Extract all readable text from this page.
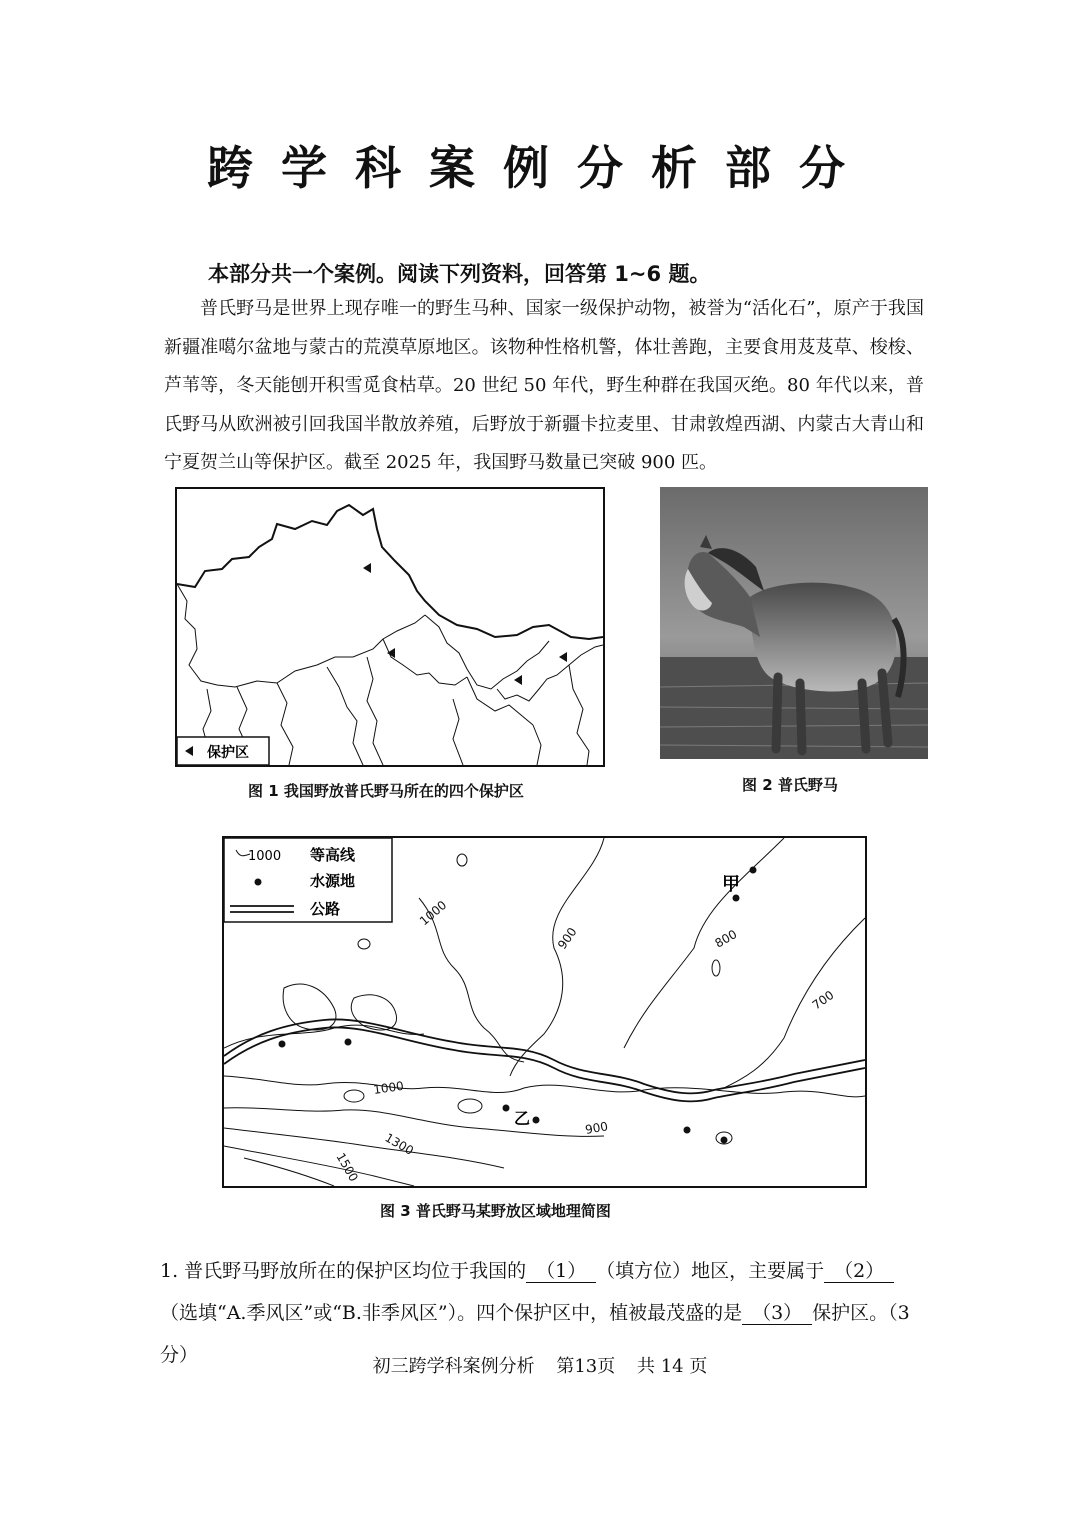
跨学科案例分析部分
本部分共一个案例。阅读下列资料，回答第 1~6 题。
普氏野马是世界上现存唯一的野生马种、国家一级保护动物，被誉为“活化石”，原产于我国新疆准噶尔盆地与蒙古的荒漠草原地区。该物种性格机警，体壮善跑，主要食用芨芨草、梭梭、芦苇等，冬天能刨开积雪觅食枯草。20 世纪 50 年代，野生种群在我国灭绝。80 年代以来，普氏野马从欧洲被引回我国半散放养殖，后野放于新疆卡拉麦里、甘肃敦煌西湖、内蒙古大青山和宁夏贺兰山等保护区。截至 2025 年，我国野马数量已突破 900 匹。
保护区
图 1 我国野放普氏野马所在的四个保护区	图 2 普氏野马
1000 等高线
水源地
公路
甲
乙
1000
900	800
700
1000
900
1300
1500
图 3 普氏野马某野放区域地理简图
1. 普氏野马野放所在的保护区均位于我国的 （1） （填方位）地区，主要属于 （2）（选填“A.季风区”或“B.非季风区”）。四个保护区中，植被最茂盛的是 （3） 保护区。（3 分）
初三跨学科案例分析 第13页 共 14 页
